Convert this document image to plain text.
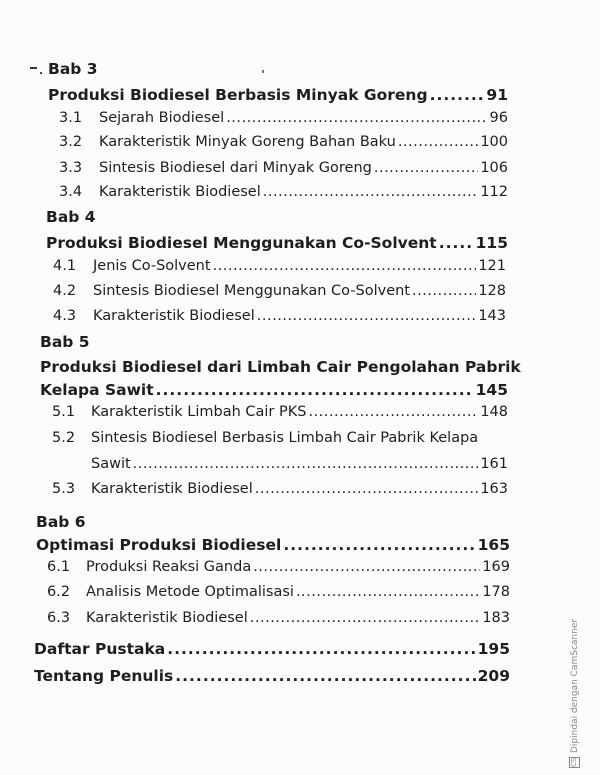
Bab 3
Produksi Biodiesel Berbasis Minyak Goreng .....	91
3.1	Sejarah Biodiesel .....	96
3.2	Karakteristik Minyak Goreng Bahan Baku .....	100
3.3	Sintesis Biodiesel dari Minyak Goreng .....	106
3.4	Karakteristik Biodiesel .....	112
Bab 4
Produksi Biodiesel Menggunakan Co-Solvent .....	115
4.1	Jenis Co-Solvent .....	121
4.2	Sintesis Biodiesel Menggunakan Co-Solvent .....	128
4.3	Karakteristik Biodiesel .....	143
Bab 5
Produksi Biodiesel dari Limbah Cair Pengolahan Pabrik
Kelapa Sawit .....	145
5.1	Karakteristik Limbah Cair PKS .....	148
5.2	Sintesis Biodiesel Berbasis Limbah Cair Pabrik Kelapa
Sawit .....	161
5.3	Karakteristik Biodiesel .....	163
Bab 6
Optimasi Produksi Biodiesel .....	165
6.1	Produksi Reaksi Ganda .....	169
6.2	Analisis Metode Optimalisasi .....	178
6.3	Karakteristik Biodiesel .....	183
Daftar Pustaka .....	195
Tentang Penulis .....	209
CS
Dipindai dengan CamScanner
